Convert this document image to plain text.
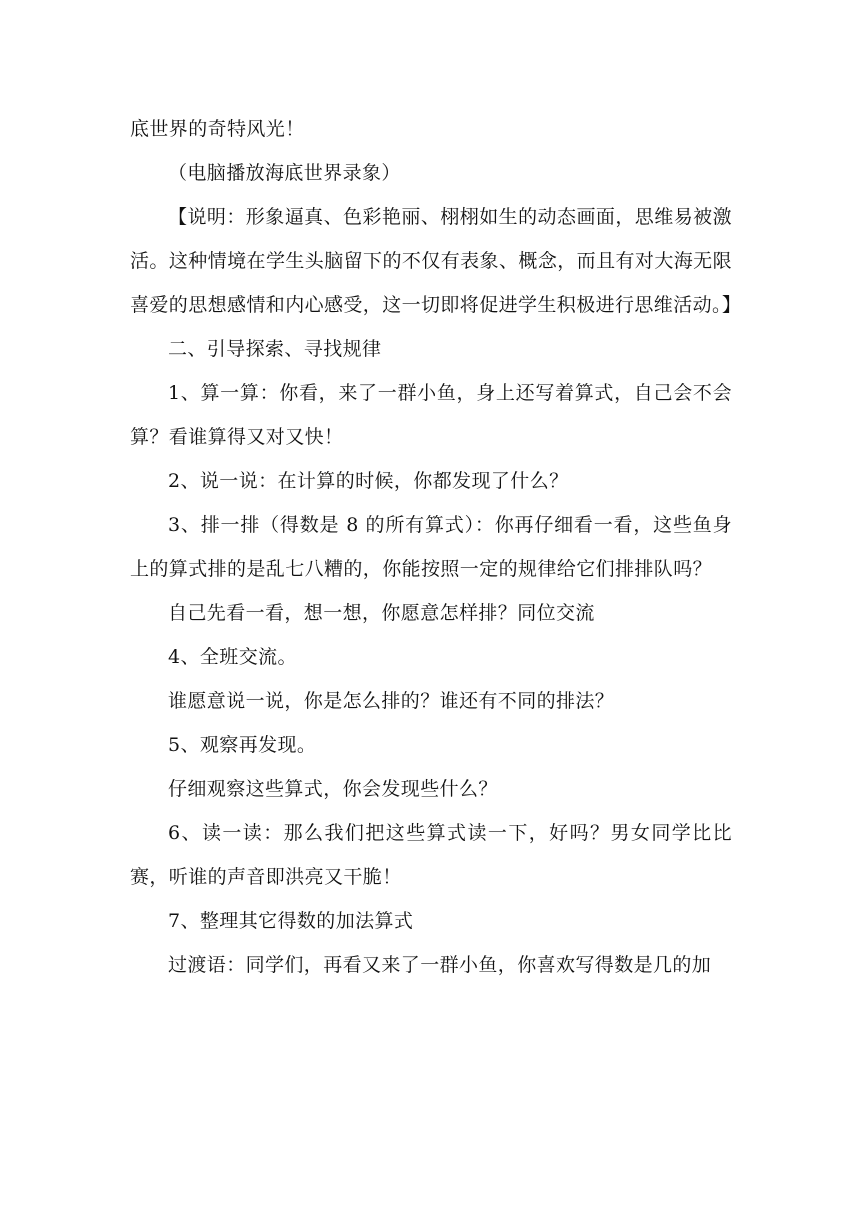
底世界的奇特风光！

（电脑播放海底世界录象）

【说明：形象逼真、色彩艳丽、栩栩如生的动态画面，思维易被激活。这种情境在学生头脑留下的不仅有表象、概念，而且有对大海无限喜爱的思想感情和内心感受，这一切即将促进学生积极进行思维活动。】

二、引导探索、寻找规律

1、算一算：你看，来了一群小鱼，身上还写着算式，自己会不会算？看谁算得又对又快！

2、说一说：在计算的时候，你都发现了什么？

3、排一排（得数是 8 的所有算式）：你再仔细看一看，这些鱼身上的算式排的是乱七八糟的，你能按照一定的规律给它们排排队吗？

自己先看一看，想一想，你愿意怎样排？同位交流

4、全班交流。

谁愿意说一说，你是怎么排的？谁还有不同的排法？

5、观察再发现。

仔细观察这些算式，你会发现些什么？

6、读一读：那么我们把这些算式读一下，好吗？男女同学比比赛，听谁的声音即洪亮又干脆！

7、整理其它得数的加法算式

过渡语：同学们，再看又来了一群小鱼，你喜欢写得数是几的加
